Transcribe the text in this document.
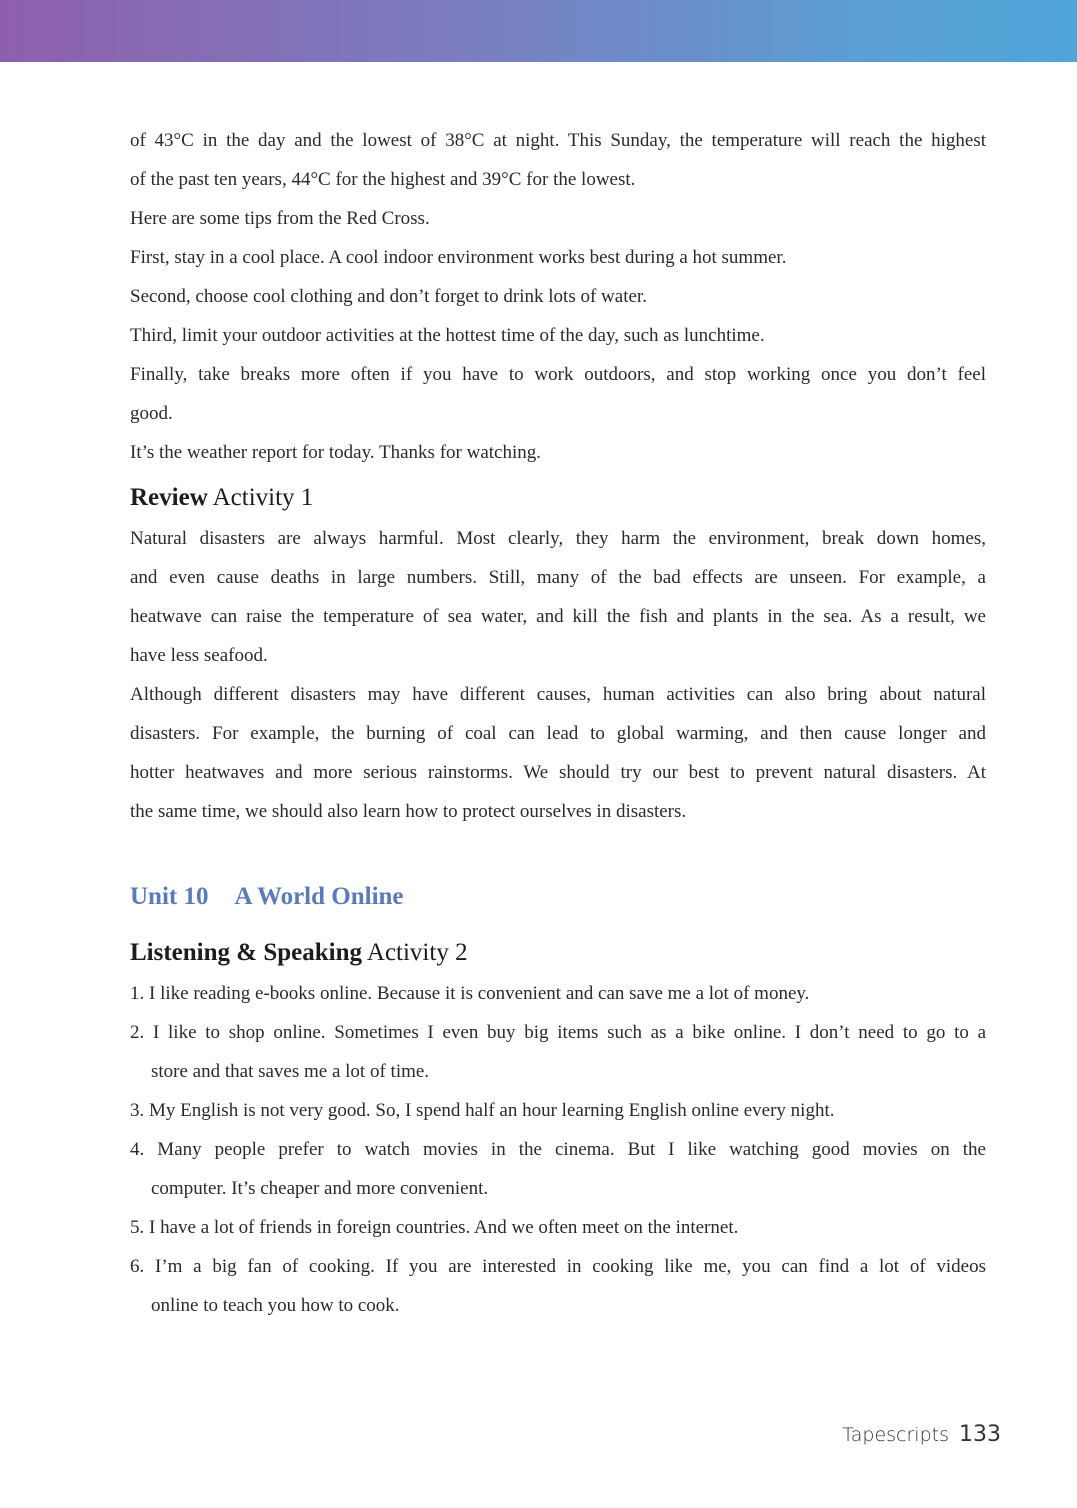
of 43°C in the day and the lowest of 38°C at night. This Sunday, the temperature will reach the highest
of the past ten years, 44°C for the highest and 39°C for the lowest.
Here are some tips from the Red Cross.
First, stay in a cool place. A cool indoor environment works best during a hot summer.
Second, choose cool clothing and don’t forget to drink lots of water.
Third, limit your outdoor activities at the hottest time of the day, such as lunchtime.
Finally, take breaks more often if you have to work outdoors, and stop working once you don’t feel
good.
It’s the weather report for today. Thanks for watching.
Review Activity 1
Natural disasters are always harmful. Most clearly, they harm the environment, break down homes,
and even cause deaths in large numbers. Still, many of the bad effects are unseen. For example, a
heatwave can raise the temperature of sea water, and kill the fish and plants in the sea. As a result, we
have less seafood.
Although different disasters may have different causes, human activities can also bring about natural
disasters. For example, the burning of coal can lead to global warming, and then cause longer and
hotter heatwaves and more serious rainstorms. We should try our best to prevent natural disasters. At
the same time, we should also learn how to protect ourselves in disasters.
Unit 10 A World Online
Listening & Speaking Activity 2
1. I like reading e-books online. Because it is convenient and can save me a lot of money.
2. I like to shop online. Sometimes I even buy big items such as a bike online. I don’t need to go to a
store and that saves me a lot of time.
3. My English is not very good. So, I spend half an hour learning English online every night.
4. Many people prefer to watch movies in the cinema. But I like watching good movies on the
computer. It’s cheaper and more convenient.
5. I have a lot of friends in foreign countries. And we often meet on the internet.
6. I’m a big fan of cooking. If you are interested in cooking like me, you can find a lot of videos
online to teach you how to cook.
Tapescripts 133
